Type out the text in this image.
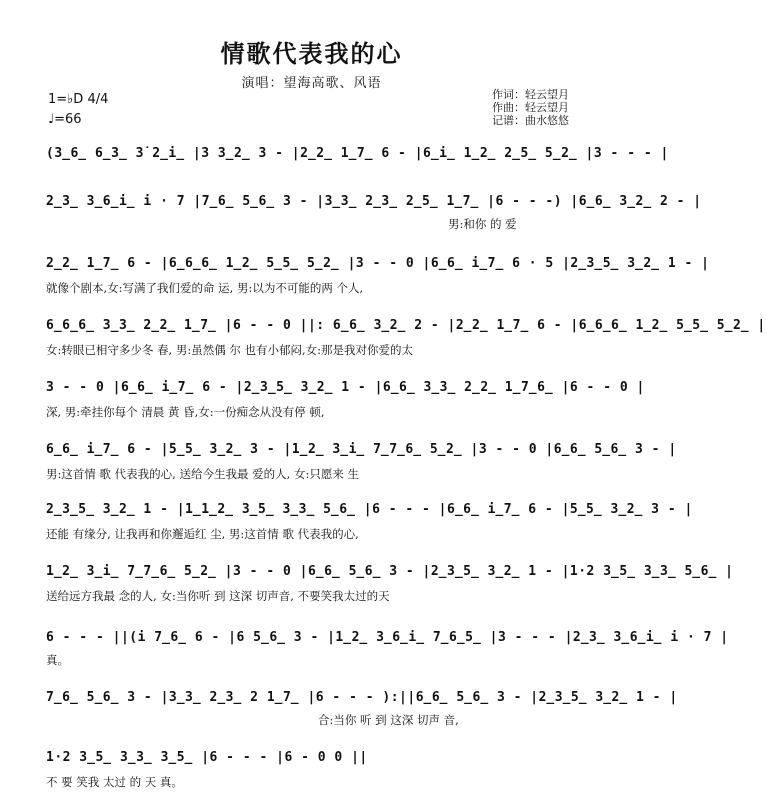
情歌代表我的心
演唱：望海高歌、风语
1=♭D 4/4
♩=66
作词：轻云望月
作曲：轻云望月
记谱：曲水悠悠
(3̲6̲ 6̲3̲ 3̇ 2̲i̲ |3 3̲2̲ 3 - |2̲2̲ 1̲7̲ 6 - |6̲i̲ 1̲2̲ 2̲5̲ 5̲2̲ |3 - - - |
2̲3̲ 3̲6̲i̲ i · 7 |7̲6̲ 5̲6̲ 3 - |3̲3̲ 2̲3̲ 2̲5̲ 1̲7̲ |6 - - -) |6̲6̲ 3̲2̲ 2 - |
男:和你 的 爱
2̲2̲ 1̲7̲ 6 - |6̲6̲6̲ 1̲2̲ 5̲5̲ 5̲2̲ |3 - - 0 |6̲6̲ i̲7̲ 6 · 5 |2̲3̲5̲ 3̲2̲ 1 - |
就像个剧本,女:写满了我们爱的命 运, 男:以为不可能的两 个人,
6̲6̲6̲ 3̲3̲ 2̲2̲ 1̲7̲ |6 - - 0 ||: 6̲6̲ 3̲2̲ 2 - |2̲2̲ 1̲7̲ 6 - |6̲6̲6̲ 1̲2̲ 5̲5̲ 5̲2̲ |
女:转眼已相守多少冬 春, 男:虽然偶 尔 也有小郁闷,女:那是我对你爱的太
3 - - 0 |6̲6̲ i̲7̲ 6 - |2̲3̲5̲ 3̲2̲ 1 - |6̲6̲ 3̲3̲ 2̲2̲ 1̲7̲6̲ |6 - - 0 |
深, 男:牵挂你每个 清晨 黄 昏,女:一份痴念从没有停 顿,
6̲6̲ i̲7̲ 6 - |5̲5̲ 3̲2̲ 3 - |1̲2̲ 3̲i̲ 7̲7̲6̲ 5̲2̲ |3 - - 0 |6̲6̲ 5̲6̲ 3 - |
男:这首情 歌 代表我的心, 送给今生我最 爱的人, 女:只愿来 生
2̲3̲5̲ 3̲2̲ 1 - |1̲1̲2̲ 3̲5̲ 3̲3̲ 5̲6̲ |6 - - - |6̲6̲ i̲7̲ 6 - |5̲5̲ 3̲2̲ 3 - |
还能 有缘分, 让我再和你邂逅红 尘, 男:这首情 歌 代表我的心,
1̲2̲ 3̲i̲ 7̲7̲6̲ 5̲2̲ |3 - - 0 |6̲6̲ 5̲6̲ 3 - |2̲3̲5̲ 3̲2̲ 1 - |1·2 3̲5̲ 3̲3̲ 5̲6̲ |
送给远方我最 念的人, 女:当你听 到 这深 切声音, 不要笑我太过的天
6 - - - ||(i 7̲6̲ 6 - |6 5̲6̲ 3 - |1̲2̲ 3̲6̲i̲ 7̲6̲5̲ |3 - - - |2̲3̲ 3̲6̲i̲ i · 7 |
真。
7̲6̲ 5̲6̲ 3 - |3̲3̲ 2̲3̲ 2 1̲7̲ |6 - - - ):||6̲6̲ 5̲6̲ 3 - |2̲3̲5̲ 3̲2̲ 1 - |
合:当你 听 到 这深 切声 音,
1·2 3̲5̲ 3̲3̲ 3̲5̲ |6 - - - |6 - 0 0 ||
不 要 笑我 太过 的 天 真。
